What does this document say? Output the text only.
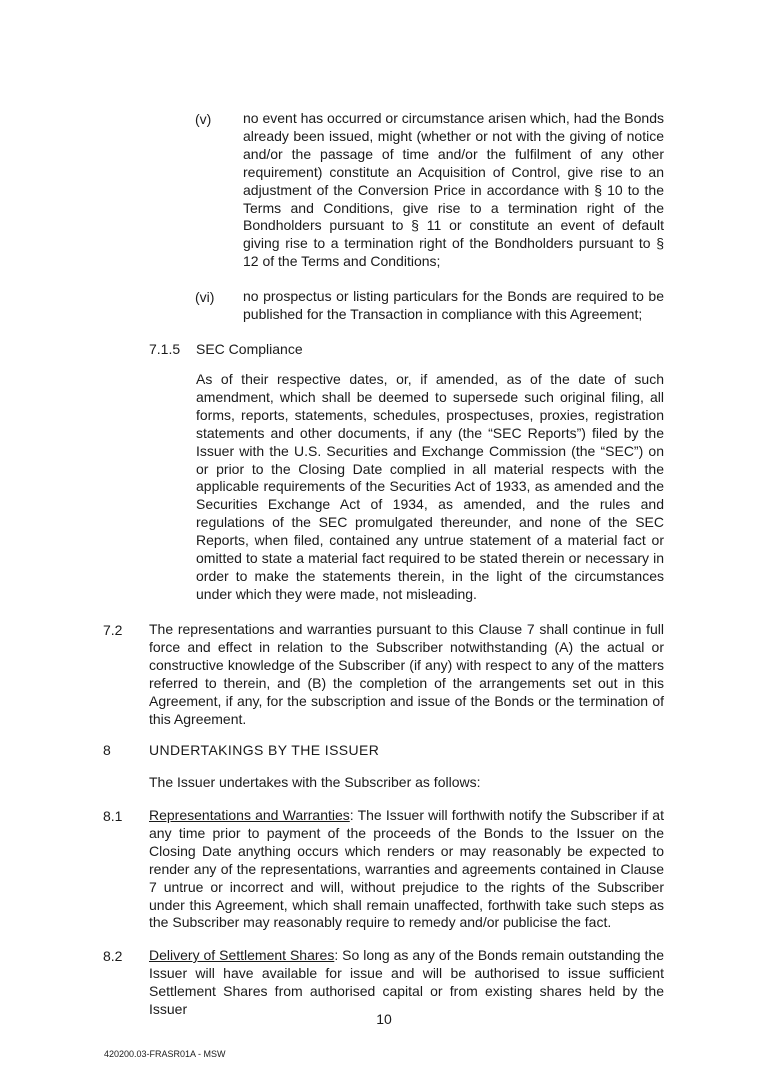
(v) no event has occurred or circumstance arisen which, had the Bonds already been issued, might (whether or not with the giving of notice and/or the passage of time and/or the fulfilment of any other requirement) constitute an Acquisition of Control, give rise to an adjustment of the Conversion Price in accordance with § 10 to the Terms and Conditions, give rise to a termination right of the Bondholders pursuant to § 11 or constitute an event of default giving rise to a termination right of the Bondholders pursuant to § 12 of the Terms and Conditions;
(vi) no prospectus or listing particulars for the Bonds are required to be published for the Transaction in compliance with this Agreement;
7.1.5 SEC Compliance
As of their respective dates, or, if amended, as of the date of such amendment, which shall be deemed to supersede such original filing, all forms, reports, statements, schedules, prospectuses, proxies, registration statements and other documents, if any (the “SEC Reports”) filed by the Issuer with the U.S. Securities and Exchange Commission (the “SEC”) on or prior to the Closing Date complied in all material respects with the applicable requirements of the Securities Act of 1933, as amended and the Securities Exchange Act of 1934, as amended, and the rules and regulations of the SEC promulgated thereunder, and none of the SEC Reports, when filed, contained any untrue statement of a material fact or omitted to state a material fact required to be stated therein or necessary in order to make the statements therein, in the light of the circumstances under which they were made, not misleading.
7.2 The representations and warranties pursuant to this Clause 7 shall continue in full force and effect in relation to the Subscriber notwithstanding (A) the actual or constructive knowledge of the Subscriber (if any) with respect to any of the matters referred to therein, and (B) the completion of the arrangements set out in this Agreement, if any, for the subscription and issue of the Bonds or the termination of this Agreement.
8	UNDERTAKINGS BY THE ISSUER
The Issuer undertakes with the Subscriber as follows:
8.1 Representations and Warranties: The Issuer will forthwith notify the Subscriber if at any time prior to payment of the proceeds of the Bonds to the Issuer on the Closing Date anything occurs which renders or may reasonably be expected to render any of the representations, warranties and agreements contained in Clause 7 untrue or incorrect and will, without prejudice to the rights of the Subscriber under this Agreement, which shall remain unaffected, forthwith take such steps as the Subscriber may reasonably require to remedy and/or publicise the fact.
8.2 Delivery of Settlement Shares: So long as any of the Bonds remain outstanding the Issuer will have available for issue and will be authorised to issue sufficient Settlement Shares from authorised capital or from existing shares held by the Issuer
10
420200.03-FRASR01A - MSW
